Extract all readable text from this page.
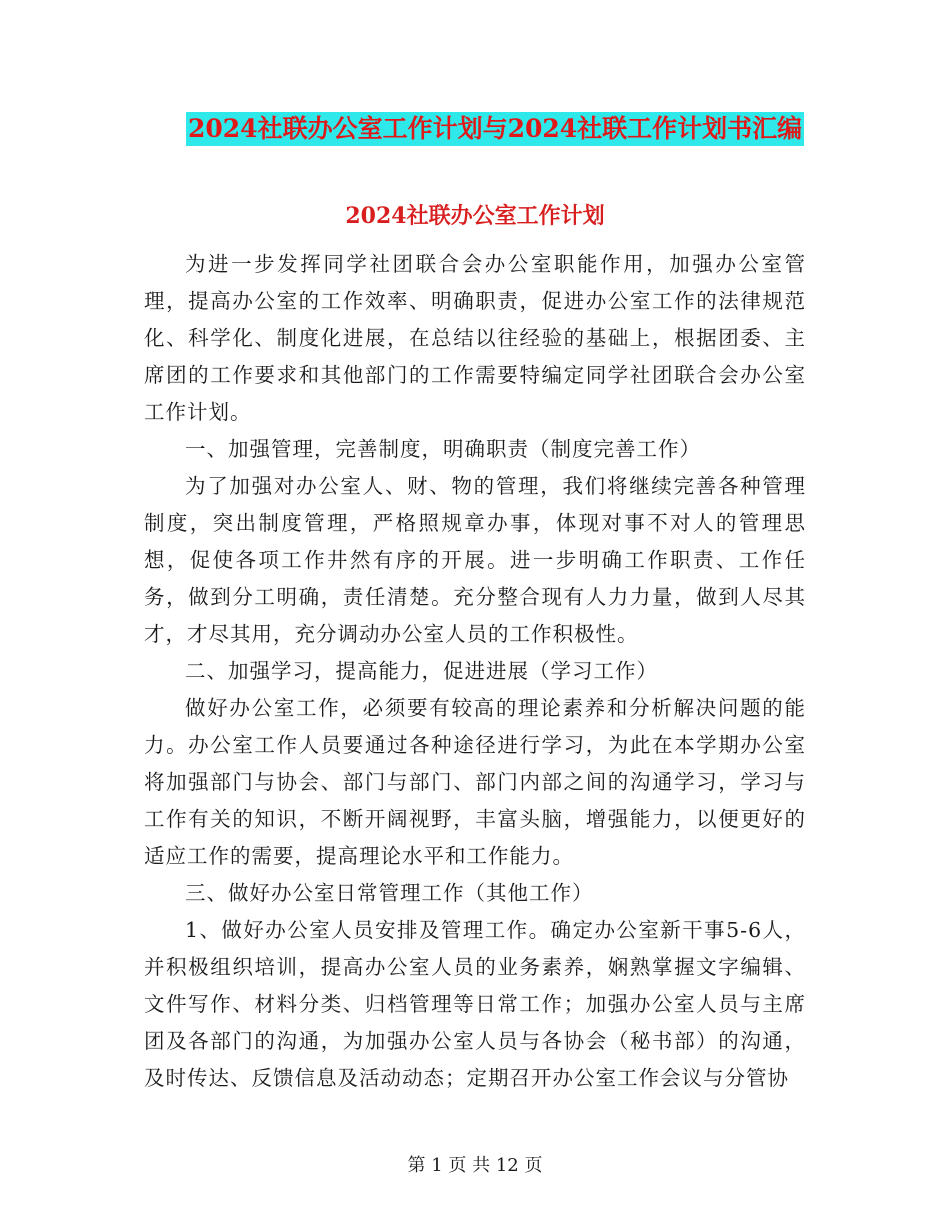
2024社联办公室工作计划与2024社联工作计划书汇编
2024社联办公室工作计划

为进一步发挥同学社团联合会办公室职能作用，加强办公室管理，提高办公室的工作效率、明确职责，促进办公室工作的法律规范化、科学化、制度化进展，在总结以往经验的基础上，根据团委、主席团的工作要求和其他部门的工作需要特编定同学社团联合会办公室工作计划。

一、加强管理，完善制度，明确职责（制度完善工作）

为了加强对办公室人、财、物的管理，我们将继续完善各种管理制度，突出制度管理，严格照规章办事，体现对事不对人的管理思想，促使各项工作井然有序的开展。进一步明确工作职责、工作任务，做到分工明确，责任清楚。充分整合现有人力力量，做到人尽其才，才尽其用，充分调动办公室人员的工作积极性。

二、加强学习，提高能力，促进进展（学习工作）

做好办公室工作，必须要有较高的理论素养和分析解决问题的能力。办公室工作人员要通过各种途径进行学习，为此在本学期办公室将加强部门与协会、部门与部门、部门内部之间的沟通学习，学习与工作有关的知识，不断开阔视野，丰富头脑，增强能力，以便更好的适应工作的需要，提高理论水平和工作能力。

三、做好办公室日常管理工作（其他工作）

1、做好办公室人员安排及管理工作。确定办公室新干事5-6人，并积极组织培训，提高办公室人员的业务素养，娴熟掌握文字编辑、文件写作、材料分类、归档管理等日常工作；加强办公室人员与主席团及各部门的沟通，为加强办公室人员与各协会（秘书部）的沟通，及时传达、反馈信息及活动动态；定期召开办公室工作会议与分管协

第 1 页 共 12 页
